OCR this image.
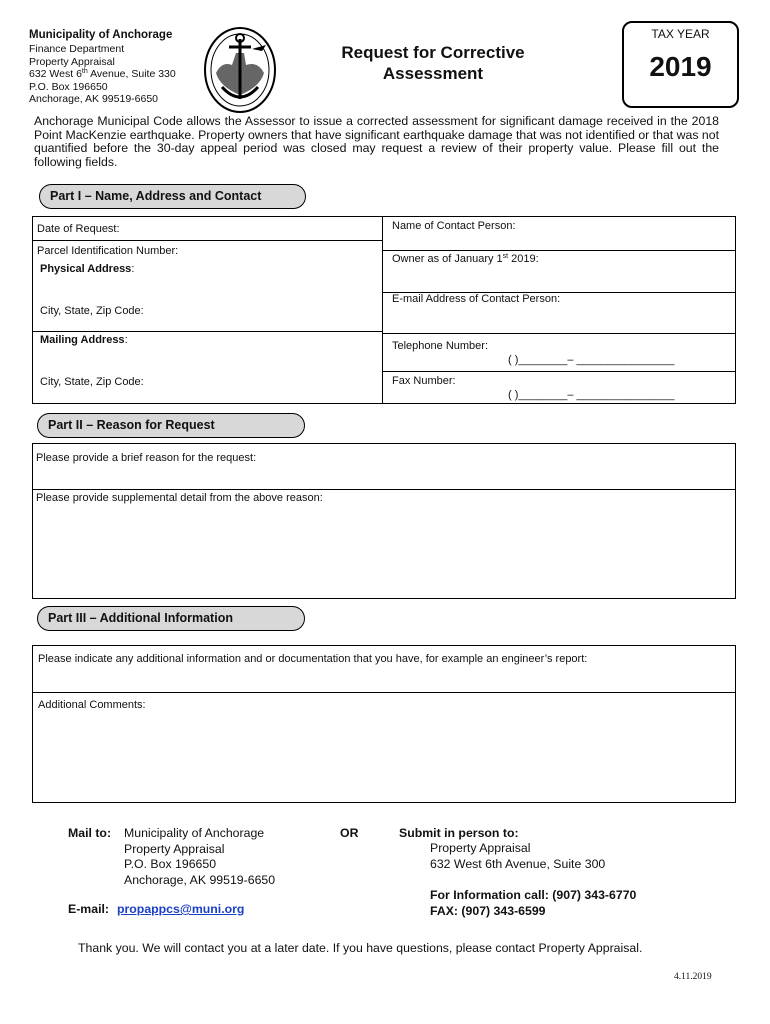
Municipality of Anchorage
Finance Department
Property Appraisal
632 West 6th Avenue, Suite 330
P.O. Box 196650
Anchorage, AK 99519-6650
Request for Corrective
Assessment
TAX YEAR
2019
Anchorage Municipal Code allows the Assessor to issue a corrected assessment for significant damage received in the 2018 Point MacKenzie earthquake. Property owners that have significant earthquake damage that was not identified or that was not quantified before the 30-day appeal period was closed may request a review of their property value. Please fill out the following fields.
Part I – Name, Address and Contact
Date of Request:
Parcel Identification Number:
Physical Address:
City, State, Zip Code:
Mailing Address:
City, State, Zip Code:
Name of Contact Person:
Owner as of January 1st 2019:
E-mail Address of Contact Person:
Telephone Number:
( )________– ________________
Fax Number:
( )________– ________________
Part II – Reason for Request
Please provide a brief reason for the request:
Please provide supplemental detail from the above reason:
Part III – Additional Information
Please indicate any additional information and or documentation that you have, for example an engineer’s report:
Additional Comments:
Mail to: Municipality of Anchorage
Property Appraisal
P.O. Box 196650
Anchorage, AK 99519-6650
OR	Submit in person to:
Property Appraisal
632 West 6th Avenue, Suite 300
For Information call: (907) 343-6770
FAX: (907) 343-6599
E-mail: propappcs@muni.org
Thank you. We will contact you at a later date. If you have questions, please contact Property Appraisal.
4.11.2019
